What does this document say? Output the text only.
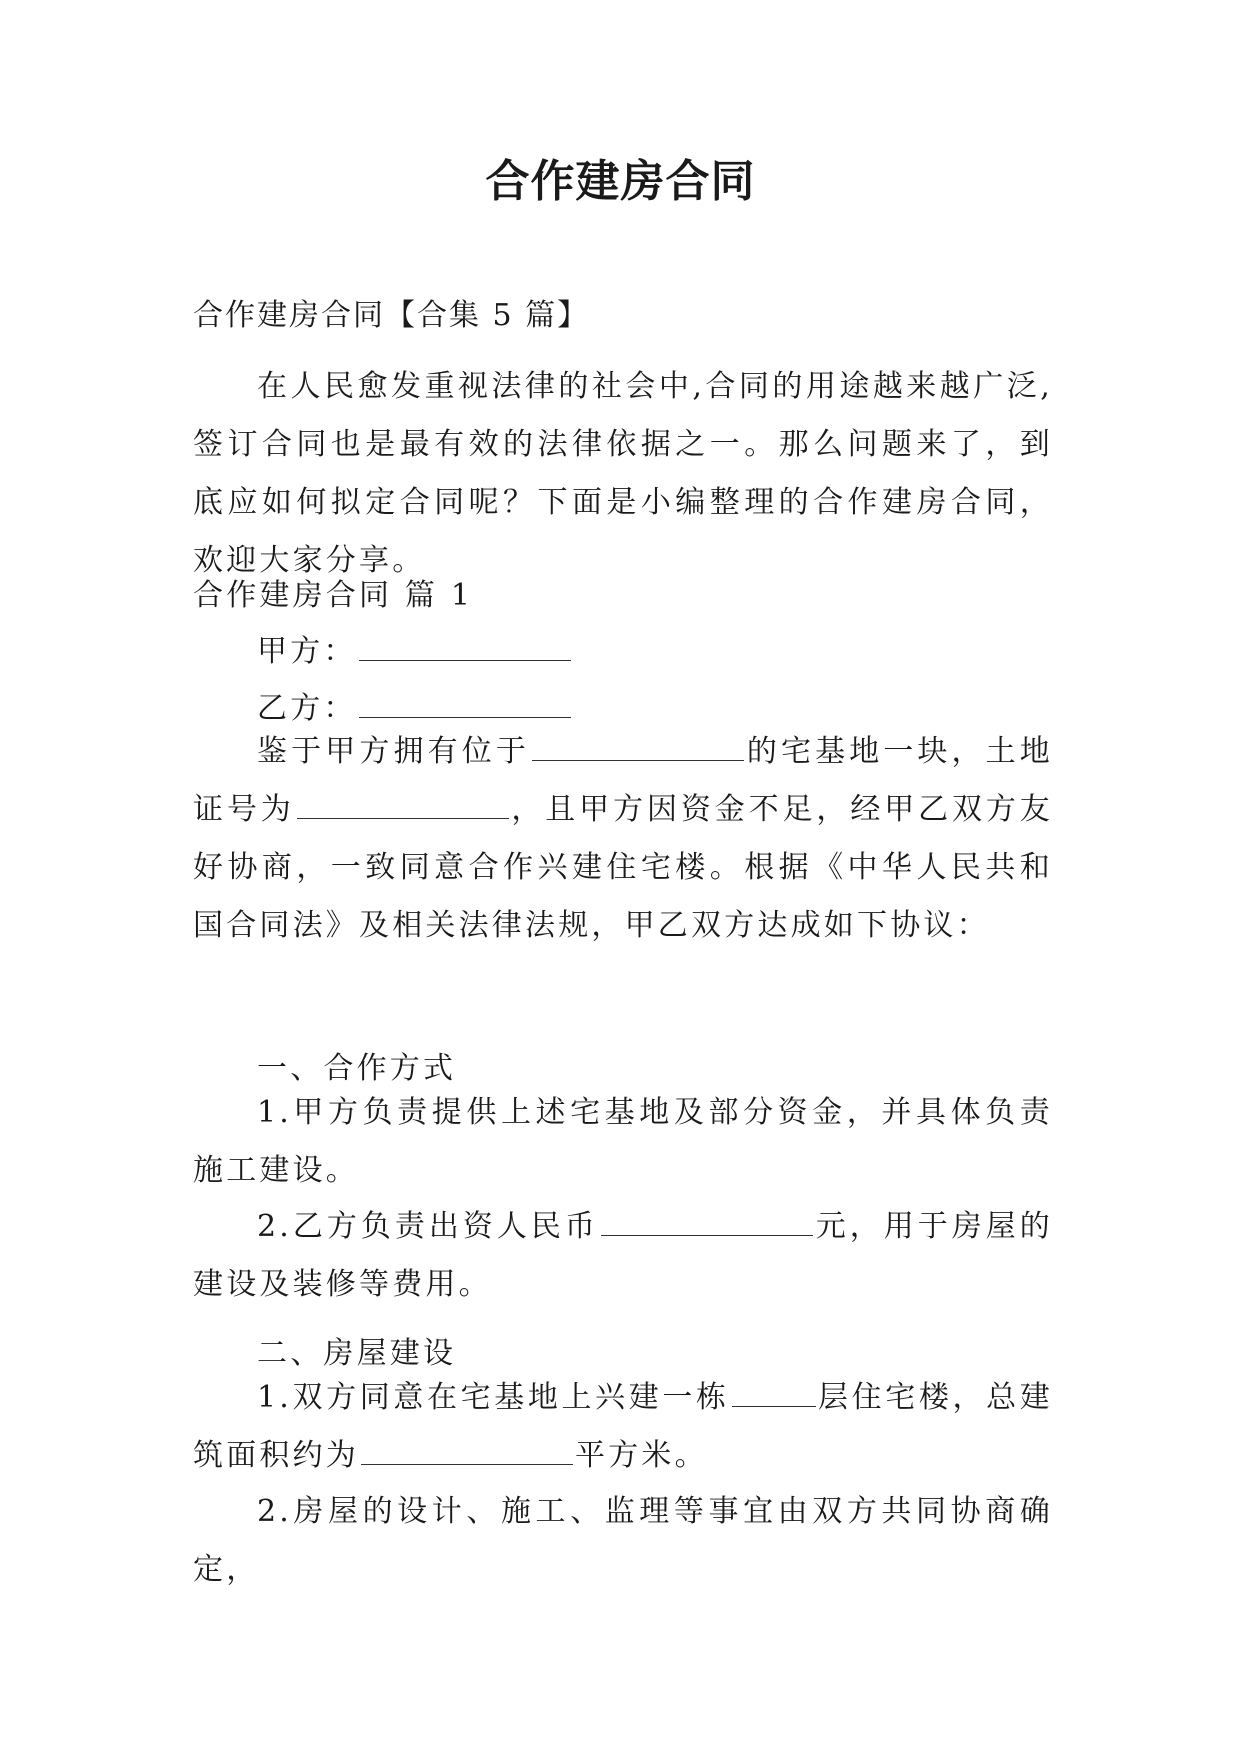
合作建房合同

合作建房合同【合集 5 篇】

在人民愈发重视法律的社会中,合同的用途越来越广泛,签订合同也是最有效的法律依据之一。那么问题来了，到底应如何拟定合同呢？下面是小编整理的合作建房合同，欢迎大家分享。

合作建房合同 篇 1

甲方：

乙方：

鉴于甲方拥有位于	的宅基地一块，土地证号为	，且甲方因资金不足，经甲乙双方友好协商，一致同意合作兴建住宅楼。根据《中华人民共和国合同法》及相关法律法规，甲乙双方达成如下协议：

一、合作方式

1.甲方负责提供上述宅基地及部分资金，并具体负责施工建设。

2.乙方负责出资人民币	元，用于房屋的建设及装修等费用。

二、房屋建设

1.双方同意在宅基地上兴建一栋	层住宅楼，总建筑面积约为	平方米。

2.房屋的设计、施工、监理等事宜由双方共同协商确定，
